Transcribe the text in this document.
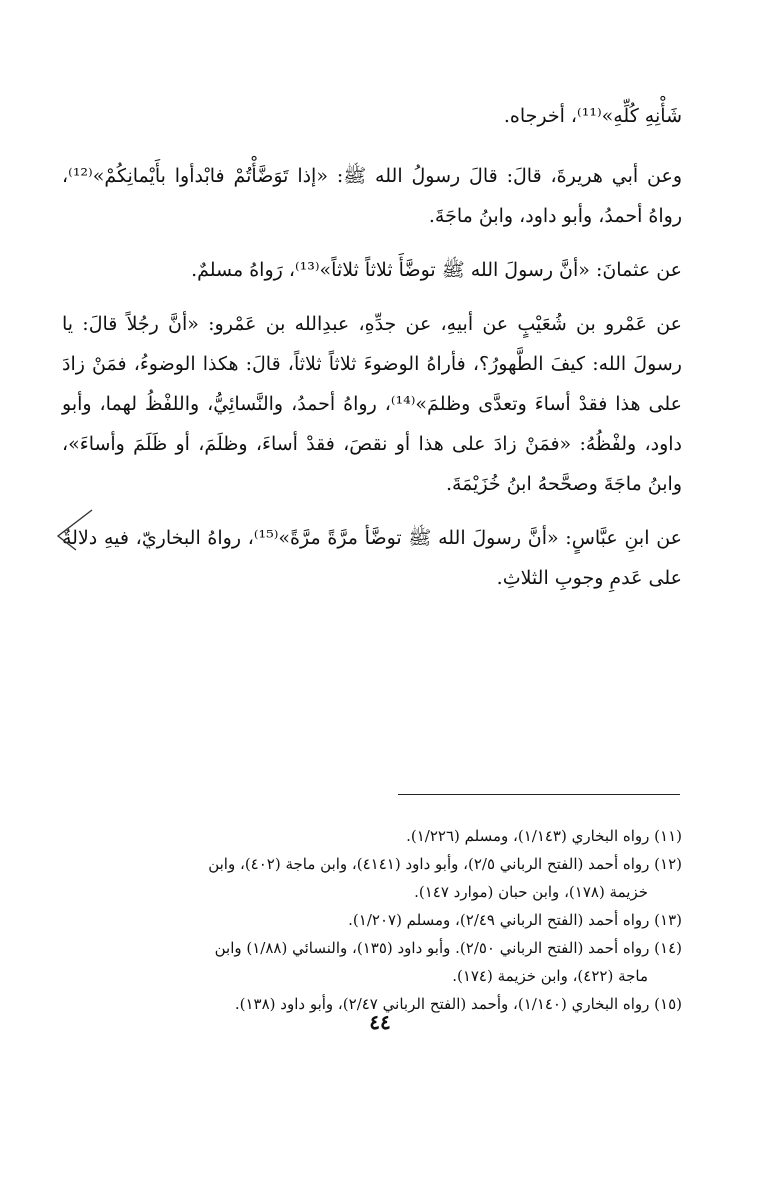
شَأْنِهِ كُلِّهِ»⁽¹¹⁾، أخرجاه.

وعن أبي هريرةَ، قالَ: قالَ رسولُ الله ﷺ: «إذا تَوَضَّأْتُمْ فابْدأوا بأَيْمانِكُمْ»⁽¹²⁾، رواهُ أحمدُ، وأبو داود، وابنُ ماجَةَ.

عن عثمانَ: «أنَّ رسولَ الله ﷺ توضَّأَ ثلاثاً ثلاثاً»⁽¹³⁾، رَواهُ مسلمٌ.

عن عَمْرو بن شُعَيْبٍ عن أبيهِ، عن جدِّهِ، عبدِالله بن عَمْرو: «أنَّ رجُلاً قالَ: يا رسولَ الله: كيفَ الطَّهورُ؟، فأراهُ الوضوءَ ثلاثاً ثلاثاً، قالَ: هكذا الوضوءُ، فمَنْ زادَ على هذا فقدْ أساءَ وتعدَّى وظلمَ»⁽¹⁴⁾، رواهُ أحمدُ، والنَّسائِيُّ، واللفْظُ لهما، وأبو داود، ولفْظُهُ: «فمَنْ زادَ على هذا أو نقصَ، فقدْ أساءَ، وظلَمَ، أو ظَلَمَ وأساءَ»، وابنُ ماجَةَ وصحَّحهُ ابنُ خُزَيْمَةَ.

عن ابنِ عبَّاسٍ: «أنَّ رسولَ الله ﷺ توضَّأ مرَّةً مرَّةً»⁽¹⁵⁾، رواهُ البخاريّ، فيهِ دلالةٌ على عَدمِ وجوبِ الثلاثِ.

(١١) رواه البخاري (١/١٤٣)، ومسلم (١/٢٢٦).

(١٢) رواه أحمد (الفتح الرباني ٢/٥)، وأبو داود (٤١٤١)، وابن ماجة (٤٠٢)، وابن
خزيمة (١٧٨)، وابن حبان (موارد ١٤٧).

(١٣) رواه أحمد (الفتح الرباني ٢/٤٩)، ومسلم (١/٢٠٧).

(١٤) رواه أحمد (الفتح الرباني ٢/٥٠). وأبو داود (١٣٥)، والنسائي (١/٨٨) وابن
ماجة (٤٢٢)، وابن خزيمة (١٧٤).

(١٥) رواه البخاري (١/١٤٠)، وأحمد (الفتح الرباني ٢/٤٧)، وأبو داود (١٣٨).

٤٤
